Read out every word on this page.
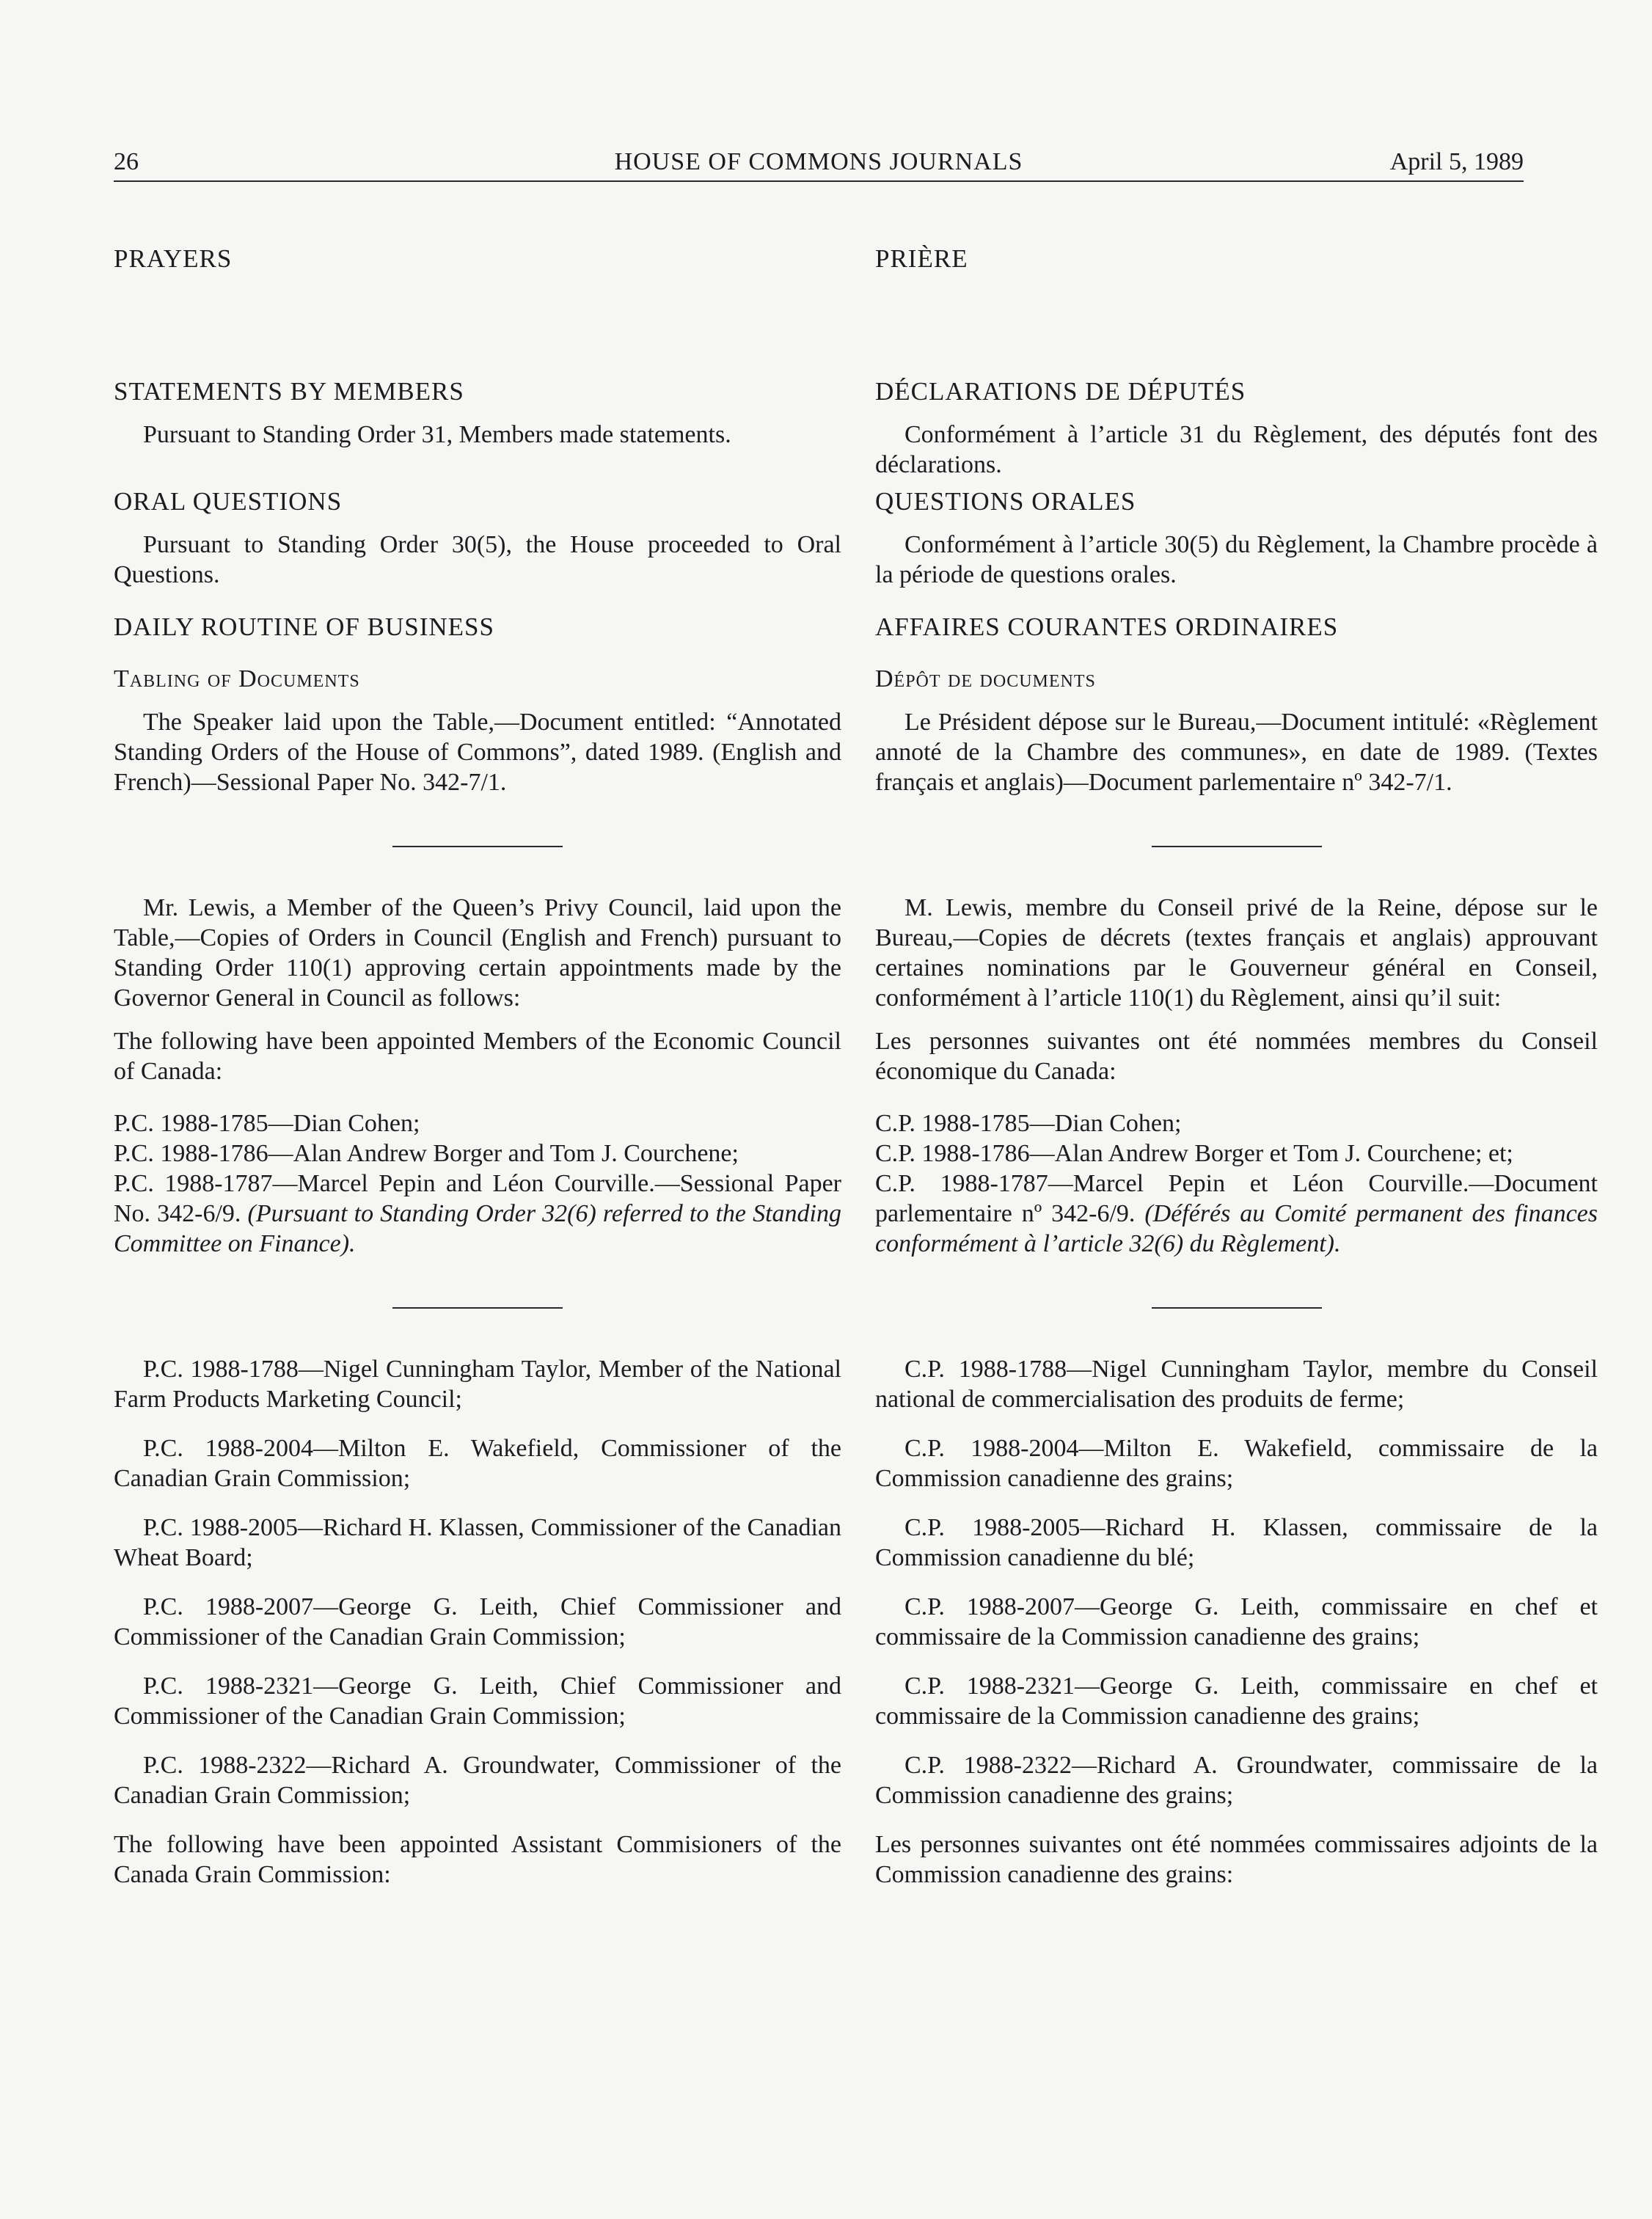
26	HOUSE OF COMMONS JOURNALS	April 5, 1989
PRAYERS
STATEMENTS BY MEMBERS

Pursuant to Standing Order 31, Members made statements.

ORAL QUESTIONS

Pursuant to Standing Order 30(5), the House proceeded to Oral Questions.

DAILY ROUTINE OF BUSINESS
Tabling of Documents

The Speaker laid upon the Table,—Document entitled: “Annotated Standing Orders of the House of Commons”, dated 1989. (English and French)—Sessional Paper No. 342-7/1.

Mr. Lewis, a Member of the Queen’s Privy Council, laid upon the Table,—Copies of Orders in Council (English and French) pursuant to Standing Order 110(1) approving certain appointments made by the Governor General in Council as follows:

The following have been appointed Members of the Economic Council of Canada:

P.C. 1988-1785—Dian Cohen;

P.C. 1988-1786—Alan Andrew Borger and Tom J. Courchene;

P.C. 1988-1787—Marcel Pepin and Léon Courville.—Sessional Paper No. 342-6/9. (Pursuant to Standing Order 32(6) referred to the Standing Committee on Finance).

P.C. 1988-1788—Nigel Cunningham Taylor, Member of the National Farm Products Marketing Council;

P.C. 1988-2004—Milton E. Wakefield, Commissioner of the Canadian Grain Commission;

P.C. 1988-2005—Richard H. Klassen, Commissioner of the Canadian Wheat Board;

P.C. 1988-2007—George G. Leith, Chief Commissioner and Commissioner of the Canadian Grain Commission;

P.C. 1988-2321—George G. Leith, Chief Commissioner and Commissioner of the Canadian Grain Commission;

P.C. 1988-2322—Richard A. Groundwater, Commissioner of the Canadian Grain Commission;

The following have been appointed Assistant Commisioners of the Canada Grain Commission:

PRIÈRE
DÉCLARATIONS DE DÉPUTÉS

Conformément à l’article 31 du Règlement, des députés font des déclarations.

QUESTIONS ORALES

Conformément à l’article 30(5) du Règlement, la Chambre procède à la période de questions orales.

AFFAIRES COURANTES ORDINAIRES
Dépôt de documents

Le Président dépose sur le Bureau,—Document intitulé: «Règlement annoté de la Chambre des communes», en date de 1989. (Textes français et anglais)—Document parlementaire nº 342-7/1.

M. Lewis, membre du Conseil privé de la Reine, dépose sur le Bureau,—Copies de décrets (textes français et anglais) approuvant certaines nominations par le Gouverneur général en Conseil, conformément à l’article 110(1) du Règlement, ainsi qu’il suit:

Les personnes suivantes ont été nommées membres du Conseil économique du Canada:

C.P. 1988-1785—Dian Cohen;

C.P. 1988-1786—Alan Andrew Borger et Tom J. Courchene; et;

C.P. 1988-1787—Marcel Pepin et Léon Courville.—Document parlementaire nº 342-6/9. (Déférés au Comité permanent des finances conformément à l’article 32(6) du Règlement).

C.P. 1988-1788—Nigel Cunningham Taylor, membre du Conseil national de commercialisation des produits de ferme;

C.P. 1988-2004—Milton E. Wakefield, commissaire de la Commission canadienne des grains;

C.P. 1988-2005—Richard H. Klassen, commissaire de la Commission canadienne du blé;

C.P. 1988-2007—George G. Leith, commissaire en chef et commissaire de la Commission canadienne des grains;

C.P. 1988-2321—George G. Leith, commissaire en chef et commissaire de la Commission canadienne des grains;

C.P. 1988-2322—Richard A. Groundwater, commissaire de la Commission canadienne des grains;

Les personnes suivantes ont été nommées commissaires adjoints de la Commission canadienne des grains:
